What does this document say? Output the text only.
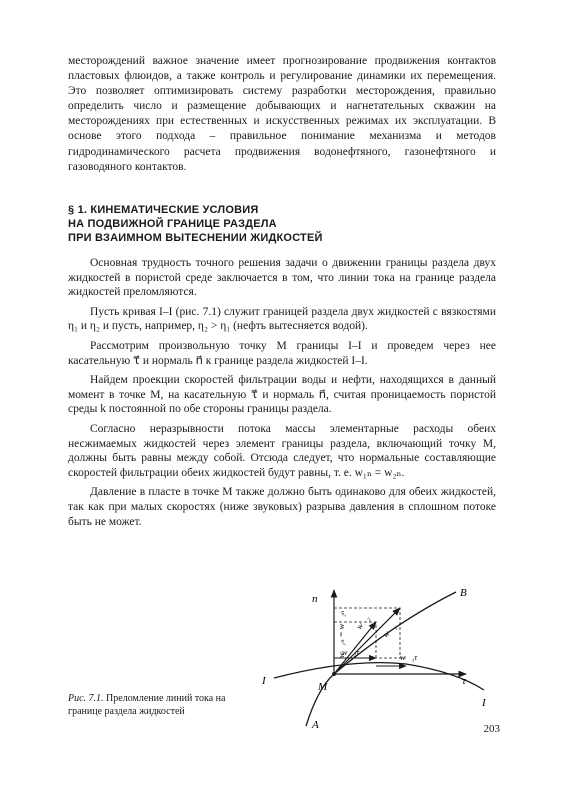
месторождений важное значение имеет прогнозирование продвижения контактов пластовых флюидов, а также контроль и регулирование динамики их перемещения. Это позволяет оптимизировать систему разработки месторождения, правильно определить число и размещение добывающих и нагнетательных скважин на месторождениях при естественных и искусственных режимах их эксплуатации. В основе этого подхода – правильное понимание механизма и методов гидродинамического расчета продвижения водонефтяного, газонефтяного и газоводяного контактов.

§ 1. КИНЕМАТИЧЕСКИЕ УСЛОВИЯ
НА ПОДВИЖНОЙ ГРАНИЦЕ РАЗДЕЛА
ПРИ ВЗАИМНОМ ВЫТЕСНЕНИИ ЖИДКОСТЕЙ

Основная трудность точного решения задачи о движении границы раздела двух жидкостей в пористой среде заключается в том, что линии тока на границе раздела жидкостей преломляются.

Пусть кривая I–I (рис. 7.1) служит границей раздела двух жидкостей с вязкостями η₁ и η₂ и пусть, например, η₂ > η₁ (нефть вытесняется водой).

Рассмотрим произвольную точку M границы I–I и проведем через нее касательную τ⃗ и нормаль n⃗ к границе раздела жидкостей I–I.

Найдем проекции скоростей фильтрации воды и нефти, находящихся в данный момент в точке M, на касательную τ⃗ и нормаль n⃗, считая проницаемость пористой среды k постоянной по обе стороны границы раздела.

Согласно неразрывности потока массы элементарные расходы обеих несжимаемых жидкостей через элемент границы раздела, включающий точку M, должны быть равны между собой. Отсюда следует, что нормальные составляющие скоростей фильтрации обеих жидкостей будут равны, т. е. w₁ₙ = w₂ₙ.

Давление в пласте в точке M также должно быть одинаково для обеих жидкостей, так как при малых скоростях (ниже звуковых) разрыва давления в сплошном потоке быть не может.

Рис. 7.1. Преломление линий тока на границе раздела жидкостей

n⃗	B
w⃗₁ₙ = w⃗₂ₙ w⃗₂ w⃗₁
w⃗₂τ
w⃗₁τ
I	M	τ⃗
I
A	203
